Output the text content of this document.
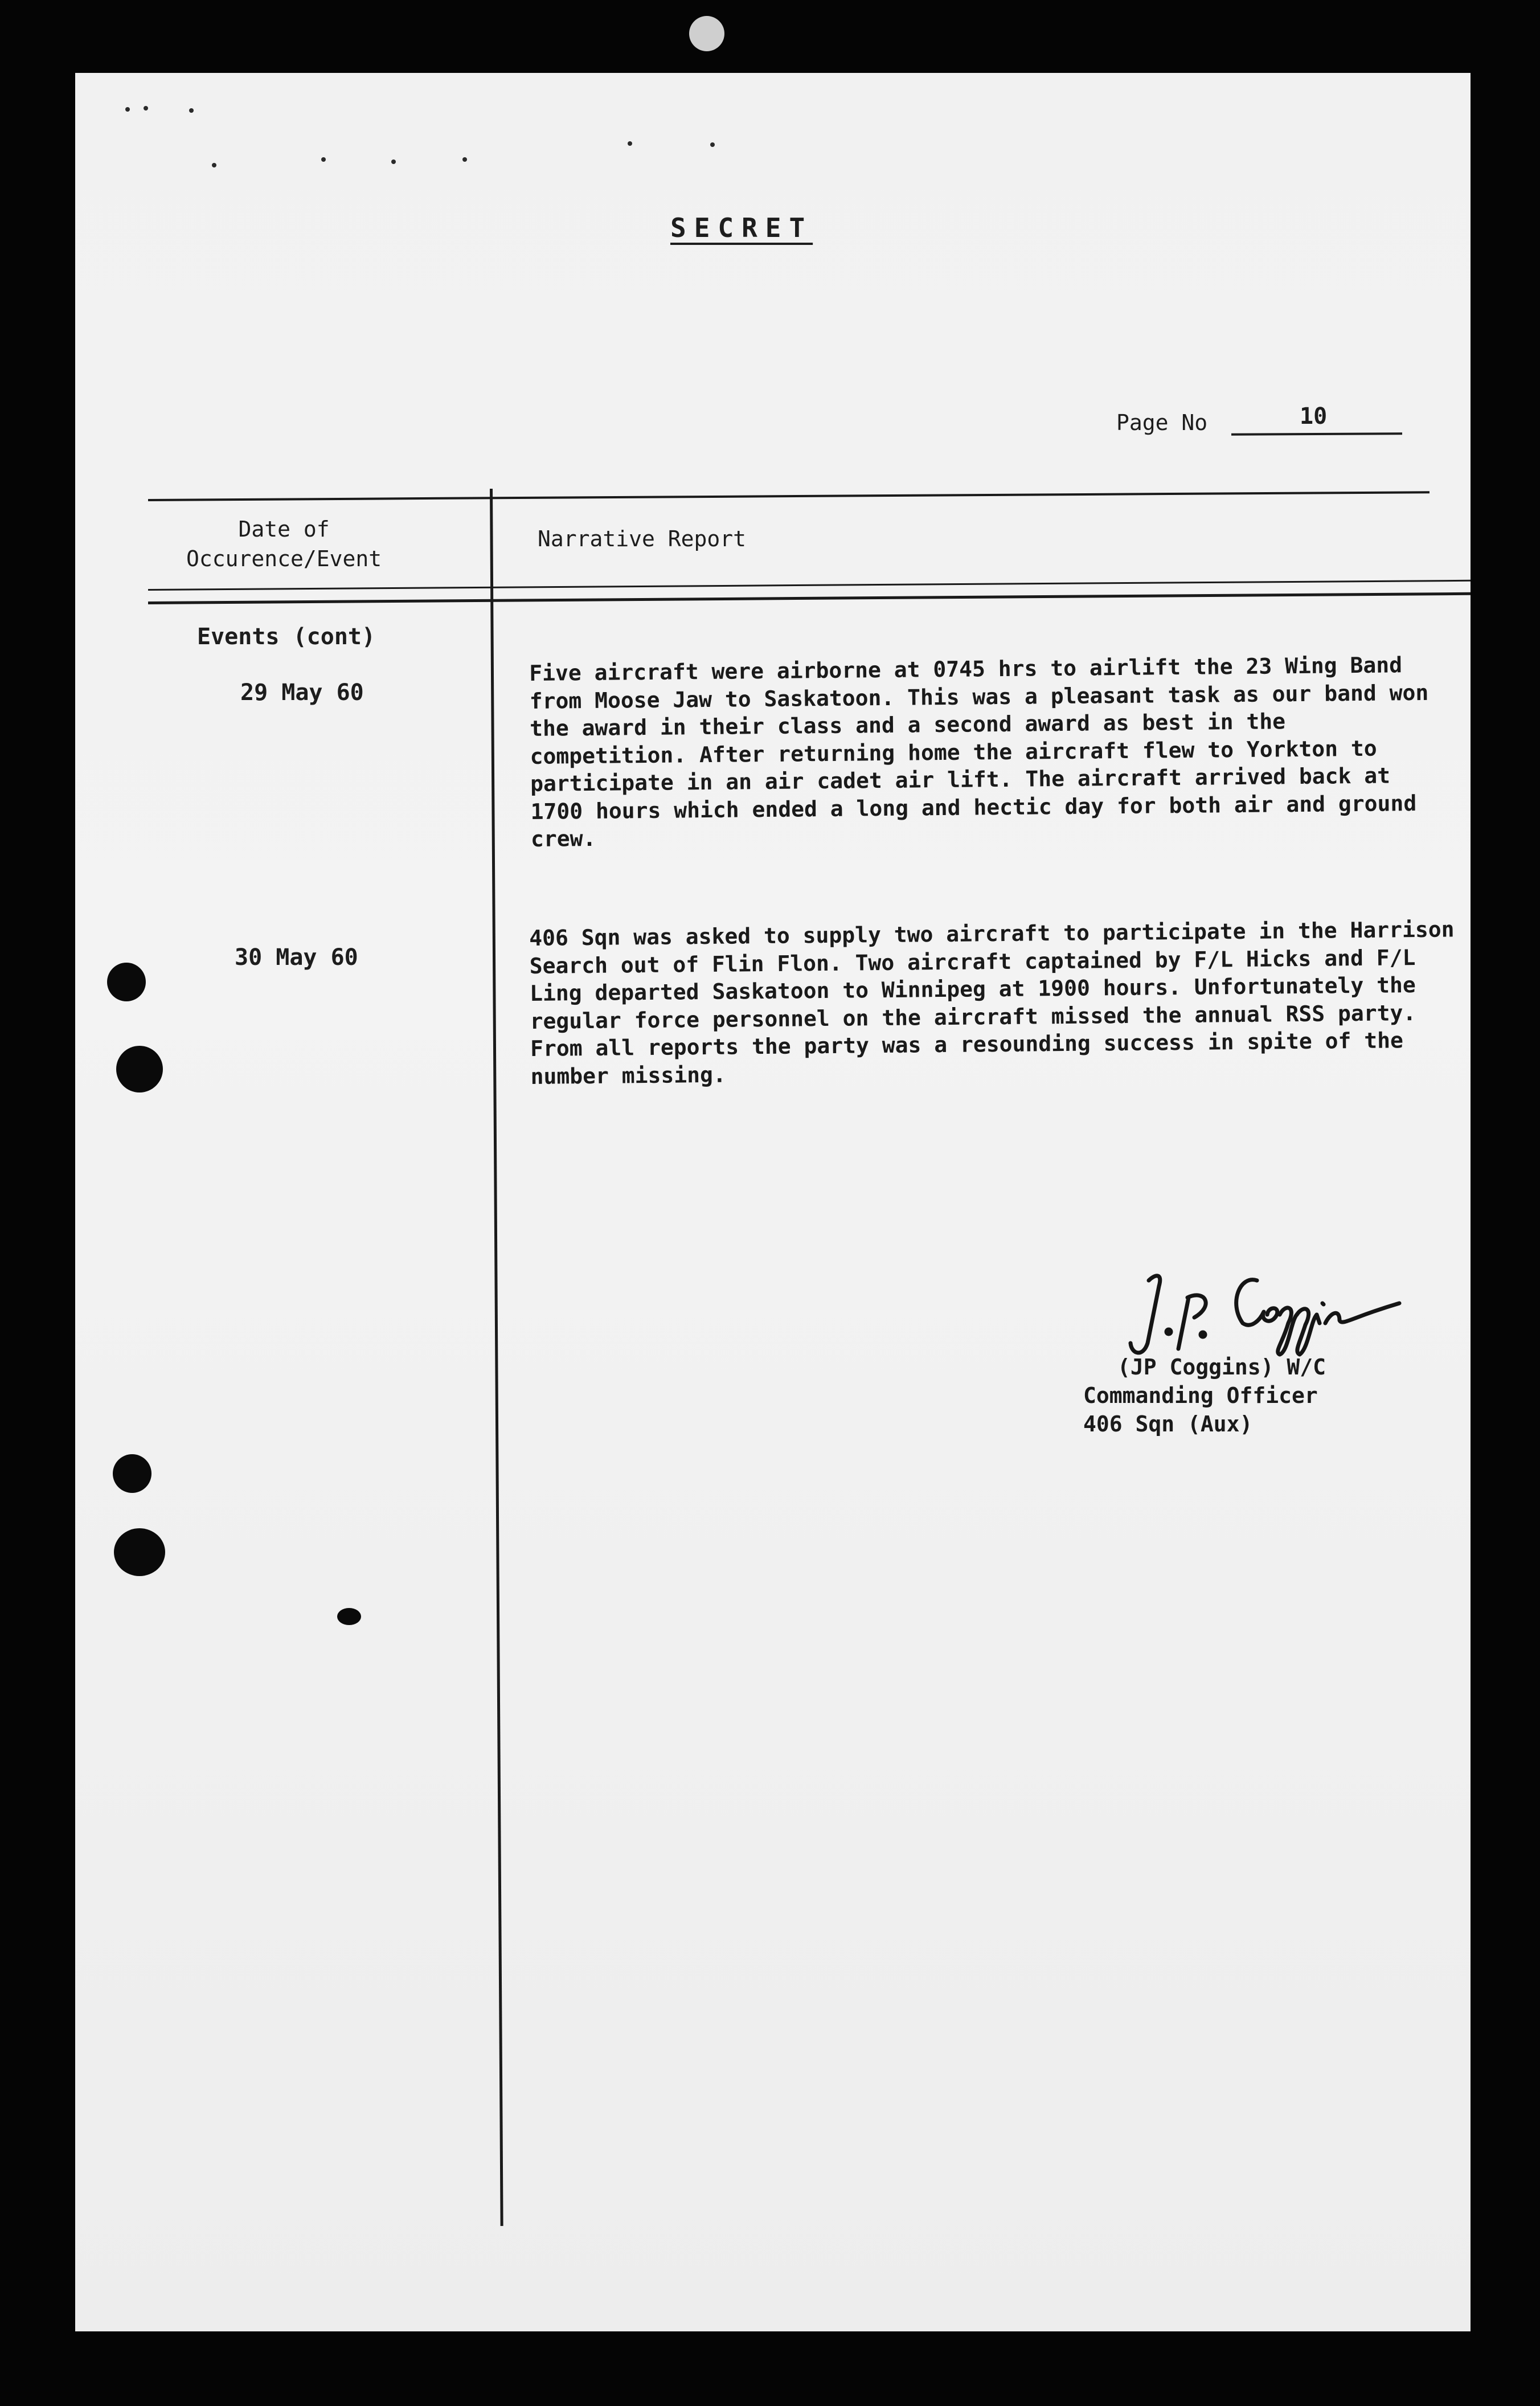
SECRET
Page No	10
Date of
Occurence/Event
Narrative Report
Events (cont)
29 May 60
Five aircraft were airborne at 0745 hrs to airlift the 23 Wing Band from Moose Jaw to Saskatoon. This was a pleasant task as our band won the award in their class and a second award as best in the competition. After returning home the aircraft flew to Yorkton to participate in an air cadet air lift. The aircraft arrived back at 1700 hours which ended a long and hectic day for both air and ground crew.
30 May 60
406 Sqn was asked to supply two aircraft to participate in the Harrison Search out of Flin Flon. Two aircraft captained by F/L Hicks and F/L Ling departed Saskatoon to Winnipeg at 1900 hours. Unfortunately the regular force personnel on the aircraft missed the annual RSS party. From all reports the party was a resounding success in spite of the number missing.
(JP Coggins) W/C
Commanding Officer
406 Sqn (Aux)
